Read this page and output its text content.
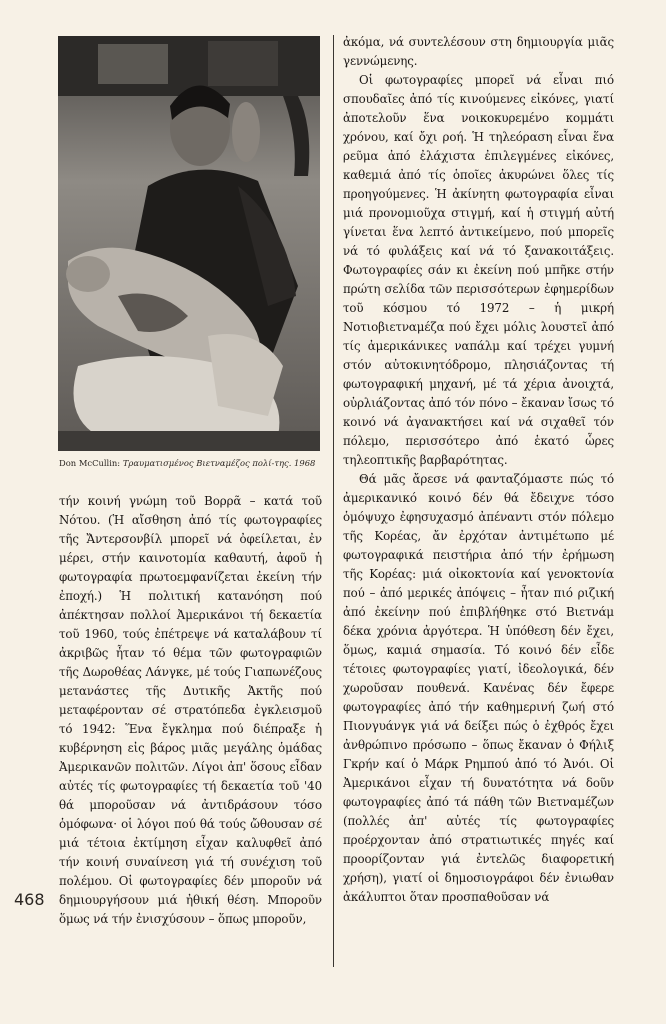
Don McCullin: Τραυματισμένος Βιετναμέζος πολί-της. 1968

τήν κοινή γνώμη τοῦ Βορρᾶ – κατά τοῦ Νότου. (Ἡ αἴσθηση ἀπό τίς φωτογραφίες τῆς Ἄντερσονβίλ μπορεῖ νά ὀφείλεται, ἐν μέρει, στήν καινοτομία καθαυτή, ἀφοῦ ἡ φωτογραφία πρωτοεμφανίζεται ἐκείνη τήν ἐποχή.) Ἡ πολιτική κατανόηση πού ἀπέκτησαν πολλοί Ἀμερικάνοι τή δεκαετία τοῦ 1960, τούς ἐπέτρεψε νά καταλάβουν τί ἀκριβῶς ἦταν τό θέμα τῶν φωτογραφιῶν τῆς Δωροθέας Λάνγκε, μέ τούς Γιαπωνέζους μετανάστες τῆς Δυτικῆς Ἀκτῆς πού μεταφέρονταν σέ στρατόπεδα ἐγκλεισμοῦ τό 1942: Ἕνα ἔγκλημα πού διέπραξε ἡ κυβέρνηση εἰς βάρος μιᾶς μεγάλης ὁμάδας Ἀμερικανῶν πολιτῶν. Λίγοι ἀπ' ὅσους εἶδαν αὐτές τίς φωτογραφίες τή δεκαετία τοῦ '40 θά μποροῦσαν νά ἀντιδράσουν τόσο ὁμόφωνα· οἱ λόγοι πού θά τούς ὤθουσαν σέ μιά τέτοια ἐκτίμηση εἶχαν καλυφθεῖ ἀπό τήν κοινή συναίνεση γιά τή συνέχιση τοῦ πολέμου. Οἱ φωτογραφίες δέν μποροῦν νά δημιουργήσουν μιά ἠθική θέση. Μποροῦν ὅμως νά τήν ἐνισχύσουν – ὅπως μποροῦν,

ἀκόμα, νά συντελέσουν στη δημιουργία μιᾶς γεννώμενης.

Οἱ φωτογραφίες μπορεῖ νά εἶναι πιό σπουδαῖες ἀπό τίς κινούμενες εἰκόνες, γιατί ἀποτελοῦν ἕνα νοικοκυρεμένο κομμάτι χρόνου, καί ὄχι ροή. Ἡ τηλεόραση εἶναι ἕνα ρεῦμα ἀπό ἐλάχιστα ἐπιλεγμένες εἰκόνες, καθεμιά ἀπό τίς ὁποῖες ἀκυρώνει ὅλες τίς προηγούμενες. Ἡ ἀκίνητη φωτογραφία εἶναι μιά προνομιοῦχα στιγμή, καί ἡ στιγμή αὐτή γίνεται ἕνα λεπτό ἀντικείμενο, πού μπορεῖς νά τό φυλάξεις καί νά τό ξανακοιτάξεις. Φωτογραφίες σάν κι ἐκείνη πού μπῆκε στήν πρώτη σελίδα τῶν περισσότερων ἐφημερίδων τοῦ κόσμου τό 1972 – ἡ μικρή Νοτιοβιετναμέζα πού ἔχει μόλις λουστεῖ ἀπό τίς ἀμερικάνικες ναπάλμ καί τρέχει γυμνή στόν αὐτοκινητόδρομο, πλησιάζοντας τή φωτογραφική μηχανή, μέ τά χέρια ἀνοιχτά, οὐρλιάζοντας ἀπό τόν πόνο – ἔκαναν ἴσως τό κοινό νά ἀγανακτήσει καί νά σιχαθεῖ τόν πόλεμο, περισσότερο ἀπό ἑκατό ὧρες τηλεοπτικῆς βαρβαρότητας.

Θά μᾶς ἄρεσε νά φανταζόμαστε πώς τό ἀμερικανικό κοινό δέν θά ἔδειχνε τόσο ὁμόψυχο ἐφησυχασμό ἀπέναντι στόν πόλεμο τῆς Κορέας, ἄν ἐρχόταν ἀντιμέτωπο μέ φωτογραφικά πειστήρια ἀπό τήν ἐρήμωση τῆς Κορέας: μιά οἰκοκτονία καί γενοκτονία πού – ἀπό μερικές ἀπόψεις – ἦταν πιό ριζική ἀπό ἐκείνην πού ἐπιβλήθηκε στό Βιετνάμ δέκα χρόνια ἀργότερα. Ἡ ὑπόθεση δέν ἔχει, ὅμως, καμιά σημασία. Τό κοινό δέν εἶδε τέτοιες φωτογραφίες γιατί, ἰδεολογικά, δέν χωροῦσαν πουθενά. Κανένας δέν ἔφερε φωτογραφίες ἀπό τήν καθημερινή ζωή στό Πιονγυάνγκ γιά νά δείξει πώς ὁ ἐχθρός ἔχει ἀνθρώπινο πρόσωπο – ὅπως ἔκαναν ὁ Φήλιξ Γκρήν καί ὁ Μάρκ Ρημπού ἀπό τό Ἀνόι. Οἱ Ἀμερικάνοι εἶχαν τή δυνατότητα νά δοῦν φωτογραφίες ἀπό τά πάθη τῶν Βιετναμέζων (πολλές ἀπ' αὐτές τίς φωτογραφίες προέρχονταν ἀπό στρατιωτικές πηγές καί προορίζονταν γιά ἐντελῶς διαφορετική χρήση), γιατί οἱ δημοσιογράφοι δέν ἐνιωθαν ἀκάλυπτοι ὅταν προσπαθοῦσαν νά

468
